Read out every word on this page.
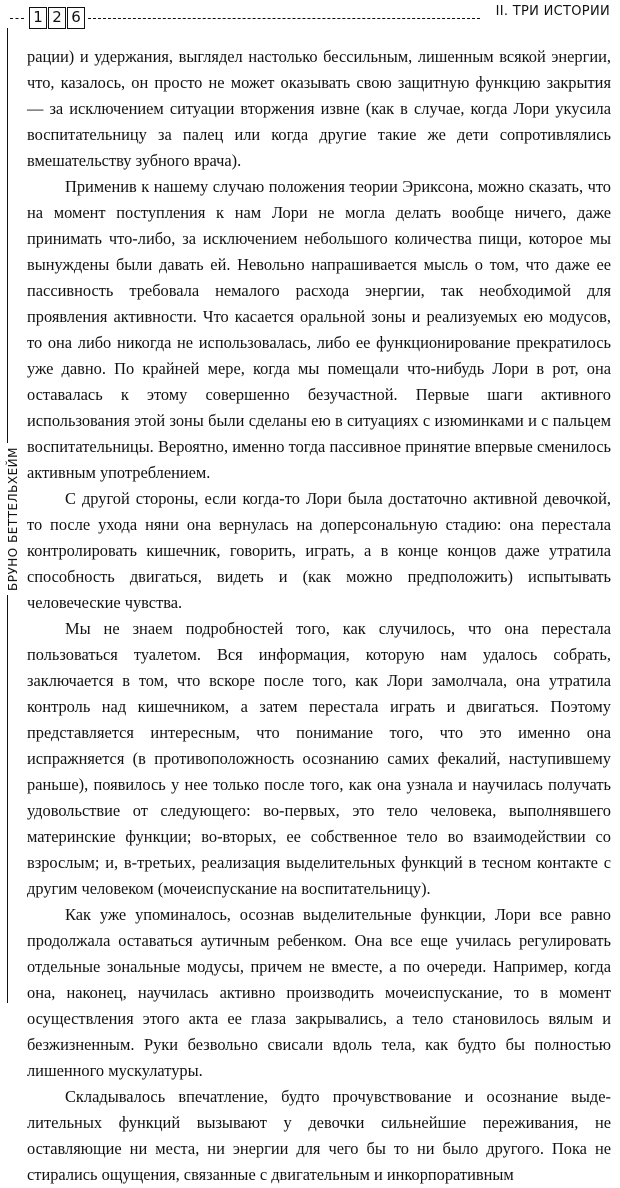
1 2 6	II. ТРИ ИСТОРИИ
БРУНО БЕТТЕЛЬХЕЙМ

рации) и удержания, выглядел настолько бессильным, лишенным всякой энергии, что, казалось, он просто не может оказывать свою защитную функцию закрытия — за исключением ситуации вторжения извне (как в случае, когда Лори укусила воспитательницу за палец или когда другие такие же дети сопротивлялись вмешательству зубного врача).

Применив к нашему случаю положения теории Эриксона, можно сказать, что на момент поступления к нам Лори не могла делать вообще ничего, даже принимать что-либо, за исключением небольшого количества пищи, которое мы вынуждены были давать ей. Невольно напрашивается мысль о том, что даже ее пассивность требовала немалого расхода энергии, так необходимой для проявления активности. Что касается оральной зоны и реализуемых ею модусов, то она либо никогда не использовалась, либо ее функционирование прекратилось уже давно. По крайней мере, когда мы помещали что-нибудь Лори в рот, она оставалась к этому совершенно безучастной. Первые шаги активного использования этой зоны были сделаны ею в ситуациях с изюминками и с пальцем воспитательницы. Вероятно, именно тогда пассивное принятие впервые сменилось активным употреблением.

С другой стороны, если когда-то Лори была достаточно активной девочкой, то после ухода няни она вернулась на доперсональную стадию: она перестала контролировать кишечник, говорить, играть, а в конце концов даже утратила способность двигаться, видеть и (как можно предположить) испытывать человеческие чувства.

Мы не знаем подробностей того, как случилось, что она перестала пользоваться туалетом. Вся информация, которую нам удалось собрать, заключается в том, что вскоре после того, как Лори замолчала, она утратила контроль над кишечником, а затем перестала играть и двигаться. Поэтому представляется интересным, что понимание того, что это именно она испражняется (в противоположность осознанию самих фекалий, наступившему раньше), появилось у нее только после того, как она узнала и научилась получать удовольствие от следующего: во-первых, это тело человека, выполнявшего материнские функции; во-вторых, ее собственное тело во взаимодействии со взрослым; и, в-третьих, реализация выделительных функций в тесном контакте с другим человеком (мочеиспускание на воспитательницу).

Как уже упоминалось, осознав выделительные функции, Лори все равно продолжала оставаться аутичным ребенком. Она все еще училась регулировать отдельные зональные модусы, причем не вместе, а по очереди. Например, когда она, наконец, научилась активно производить мочеиспускание, то в момент осуществления этого акта ее глаза закрывались, а тело становилось вялым и безжизненным. Руки безвольно свисали вдоль тела, как будто бы полностью лишенного мускулатуры.

Складывалось впечатление, будто прочувствование и осознание выделительных функций вызывают у девочки сильнейшие переживания, не оставляющие ни места, ни энергии для чего бы то ни было другого. Пока не стирались ощущения, связанные с двигательным и инкорпоративным
